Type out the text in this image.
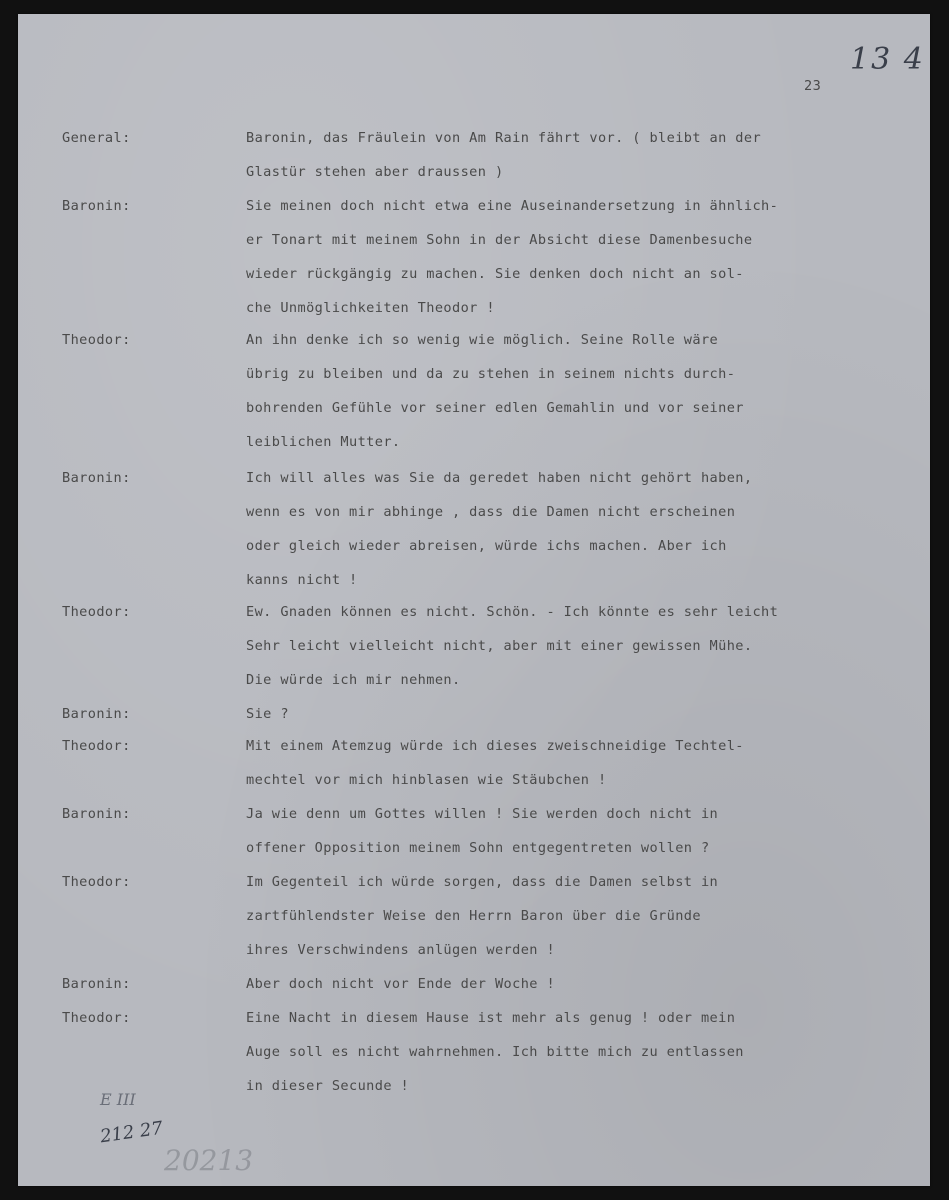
13 4
23
General:
Baronin:
Theodor:
Baronin:
Theodor:
Baronin:
Theodor:
Baronin:
Theodor:
Baronin:
Theodor:
Baronin, das Fräulein von Am Rain fährt vor. ( bleibt an der
Glastür stehen aber draussen )
Sie meinen doch nicht etwa eine Auseinandersetzung in ähnlich-
er Tonart mit meinem Sohn in der Absicht diese Damenbesuche
wieder rückgängig zu machen. Sie denken doch nicht an sol-
che Unmöglichkeiten Theodor !
An ihn denke ich so wenig wie möglich. Seine Rolle wäre
übrig zu bleiben und da zu stehen in seinem nichts durch-
bohrenden Gefühle vor seiner edlen Gemahlin und vor seiner
leiblichen Mutter.
Ich will alles was Sie da geredet haben nicht gehört haben,
wenn es von mir abhinge , dass die Damen nicht erscheinen
oder gleich wieder abreisen, würde ichs machen. Aber ich
kanns nicht !
Ew. Gnaden können es nicht. Schön. - Ich könnte es sehr leicht
Sehr leicht vielleicht nicht, aber mit einer gewissen Mühe.
Die würde ich mir nehmen.
Sie ?
Mit einem Atemzug würde ich dieses zweischneidige Techtel-
mechtel vor mich hinblasen wie Stäubchen !
Ja wie denn um Gottes willen ! Sie werden doch nicht in
offener Opposition meinem Sohn entgegentreten wollen ?
Im Gegenteil ich würde sorgen, dass die Damen selbst in
zartfühlendster Weise den Herrn Baron über die Gründe
ihres Verschwindens anlügen werden !
Aber doch nicht vor Ende der Woche !
Eine Nacht in diesem Hause ist mehr als genug ! oder mein
Auge soll es nicht wahrnehmen. Ich bitte mich zu entlassen
in dieser Secunde !
E III
212 27
20213
